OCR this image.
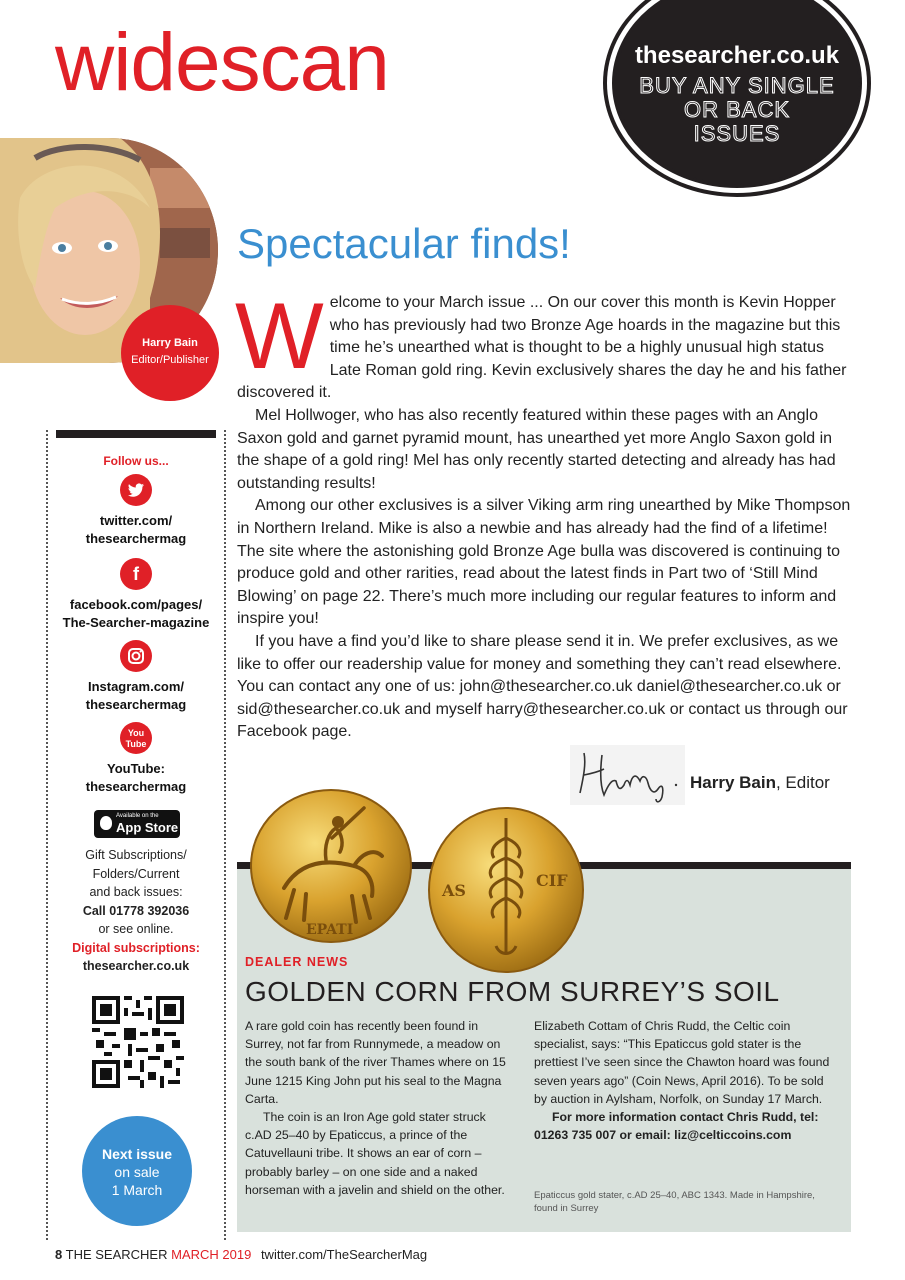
widescan	thesearcher.co.uk
BUY ANY SINGLE
OR BACK
ISSUES
Harry Bain
Editor/Publisher
Follow us...
twitter.com/
thesearchermag
f
facebook.com/pages/
The-Searcher-magazine
Instagram.com/
thesearchermag
You
Tube
YouTube:
thesearchermag
Available on the
App Store
Gift Subscriptions/
Folders/Current
and back issues:
Call 01778 392036
or see online.
Digital subscriptions:
thesearcher.co.uk
Next issue
on sale
1 March
Spectacular finds!
W elcome to your March issue ... On our cover this month is Kevin Hopper who has previously had two Bronze Age hoards in the magazine but this time he’s unearthed what is thought to be a highly unusual high status Late Roman gold ring. Kevin exclusively shares the day he and his father discovered it.

Mel Hollwoger, who has also recently featured within these pages with an Anglo Saxon gold and garnet pyramid mount, has unearthed yet more Anglo Saxon gold in the shape of a gold ring! Mel has only recently started detecting and already has had outstanding results!

Among our other exclusives is a silver Viking arm ring unearthed by Mike Thompson in Northern Ireland. Mike is also a newbie and has already had the find of a lifetime! The site where the astonishing gold Bronze Age bulla was discovered is continuing to produce gold and other rarities, read about the latest finds in Part two of ‘Still Mind Blowing’ on page 22. There’s much more including our regular features to inform and inspire you!

If you have a find you’d like to share please send it in. We prefer exclusives, as we like to offer our readership value for money and something they can’t read elsewhere. You can contact any one of us: john@thesearcher.co.uk daniel@thesearcher.co.uk or sid@thesearcher.co.uk and myself harry@thesearcher.co.uk or contact us through our Facebook page.

Harry Bain, Editor
DEALER NEWS
GOLDEN CORN FROM SURREY’S SOIL

A rare gold coin has recently been found in Surrey, not far from Runnymede, a meadow on the south bank of the river Thames where on 15 June 1215 King John put his seal to the Magna Carta.

The coin is an Iron Age gold stater struck c.AD 25–40 by Epaticcus, a prince of the Catuvellauni tribe. It shows an ear of corn – probably barley – on one side and a naked horseman with a javelin and shield on the other.

Elizabeth Cottam of Chris Rudd, the Celtic coin specialist, says: “This Epaticcus gold stater is the prettiest I’ve seen since the Chawton hoard was found seven years ago” (Coin News, April 2016). To be sold by auction in Aylsham, Norfolk, on Sunday 17 March.

For more information contact Chris Rudd, tel: 01263 735 007 or email: liz@celticcoins.com

Epaticcus gold stater, c.AD 25–40, ABC 1343. Made in Hampshire, found in Surrey
EPATI
AS
CIF
8 THE SEARCHER MARCH 2019 twitter.com/TheSearcherMag
